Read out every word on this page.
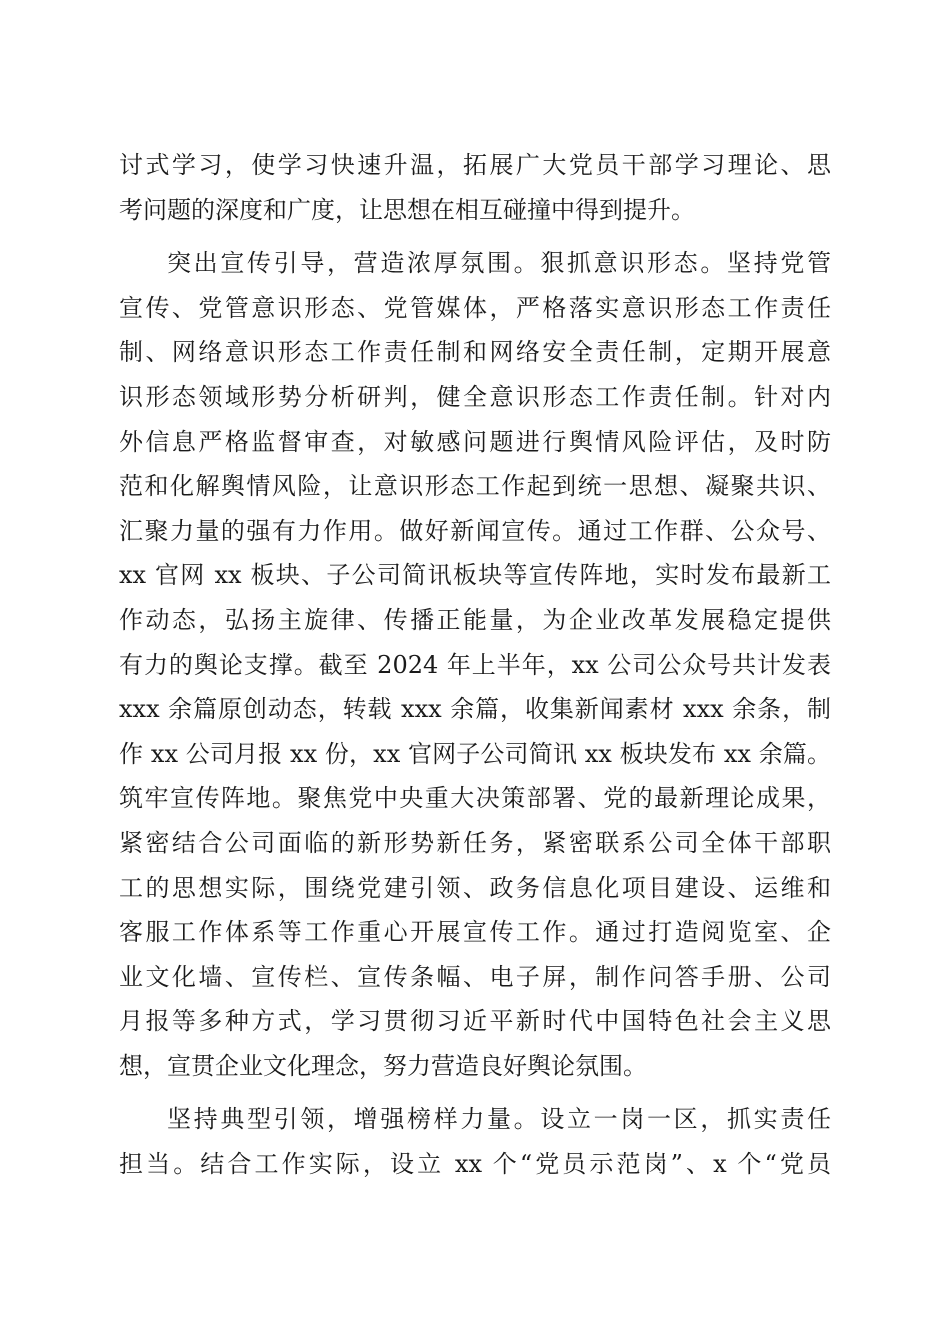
讨式学习，使学习快速升温，拓展广大党员干部学习理论、思
考问题的深度和广度，让思想在相互碰撞中得到提升。
突出宣传引导，营造浓厚氛围。狠抓意识形态。坚持党管
宣传、党管意识形态、党管媒体，严格落实意识形态工作责任
制、网络意识形态工作责任制和网络安全责任制，定期开展意
识形态领域形势分析研判，健全意识形态工作责任制。针对内
外信息严格监督审查，对敏感问题进行舆情风险评估，及时防
范和化解舆情风险，让意识形态工作起到统一思想、凝聚共识、
汇聚力量的强有力作用。做好新闻宣传。通过工作群、公众号、
xx 官网 xx 板块、子公司简讯板块等宣传阵地，实时发布最新工
作动态，弘扬主旋律、传播正能量，为企业改革发展稳定提供
有力的舆论支撑。截至 2024 年上半年，xx 公司公众号共计发表
xxx 余篇原创动态，转载 xxx 余篇，收集新闻素材 xxx 余条，制
作 xx 公司月报 xx 份，xx 官网子公司简讯 xx 板块发布 xx 余篇。
筑牢宣传阵地。聚焦党中央重大决策部署、党的最新理论成果，
紧密结合公司面临的新形势新任务，紧密联系公司全体干部职
工的思想实际，围绕党建引领、政务信息化项目建设、运维和
客服工作体系等工作重心开展宣传工作。通过打造阅览室、企
业文化墙、宣传栏、宣传条幅、电子屏，制作问答手册、公司
月报等多种方式，学习贯彻习近平新时代中国特色社会主义思
想，宣贯企业文化理念，努力营造良好舆论氛围。
坚持典型引领，增强榜样力量。设立一岗一区，抓实责任
担当。结合工作实际，设立 xx 个“党员示范岗”、x 个“党员
